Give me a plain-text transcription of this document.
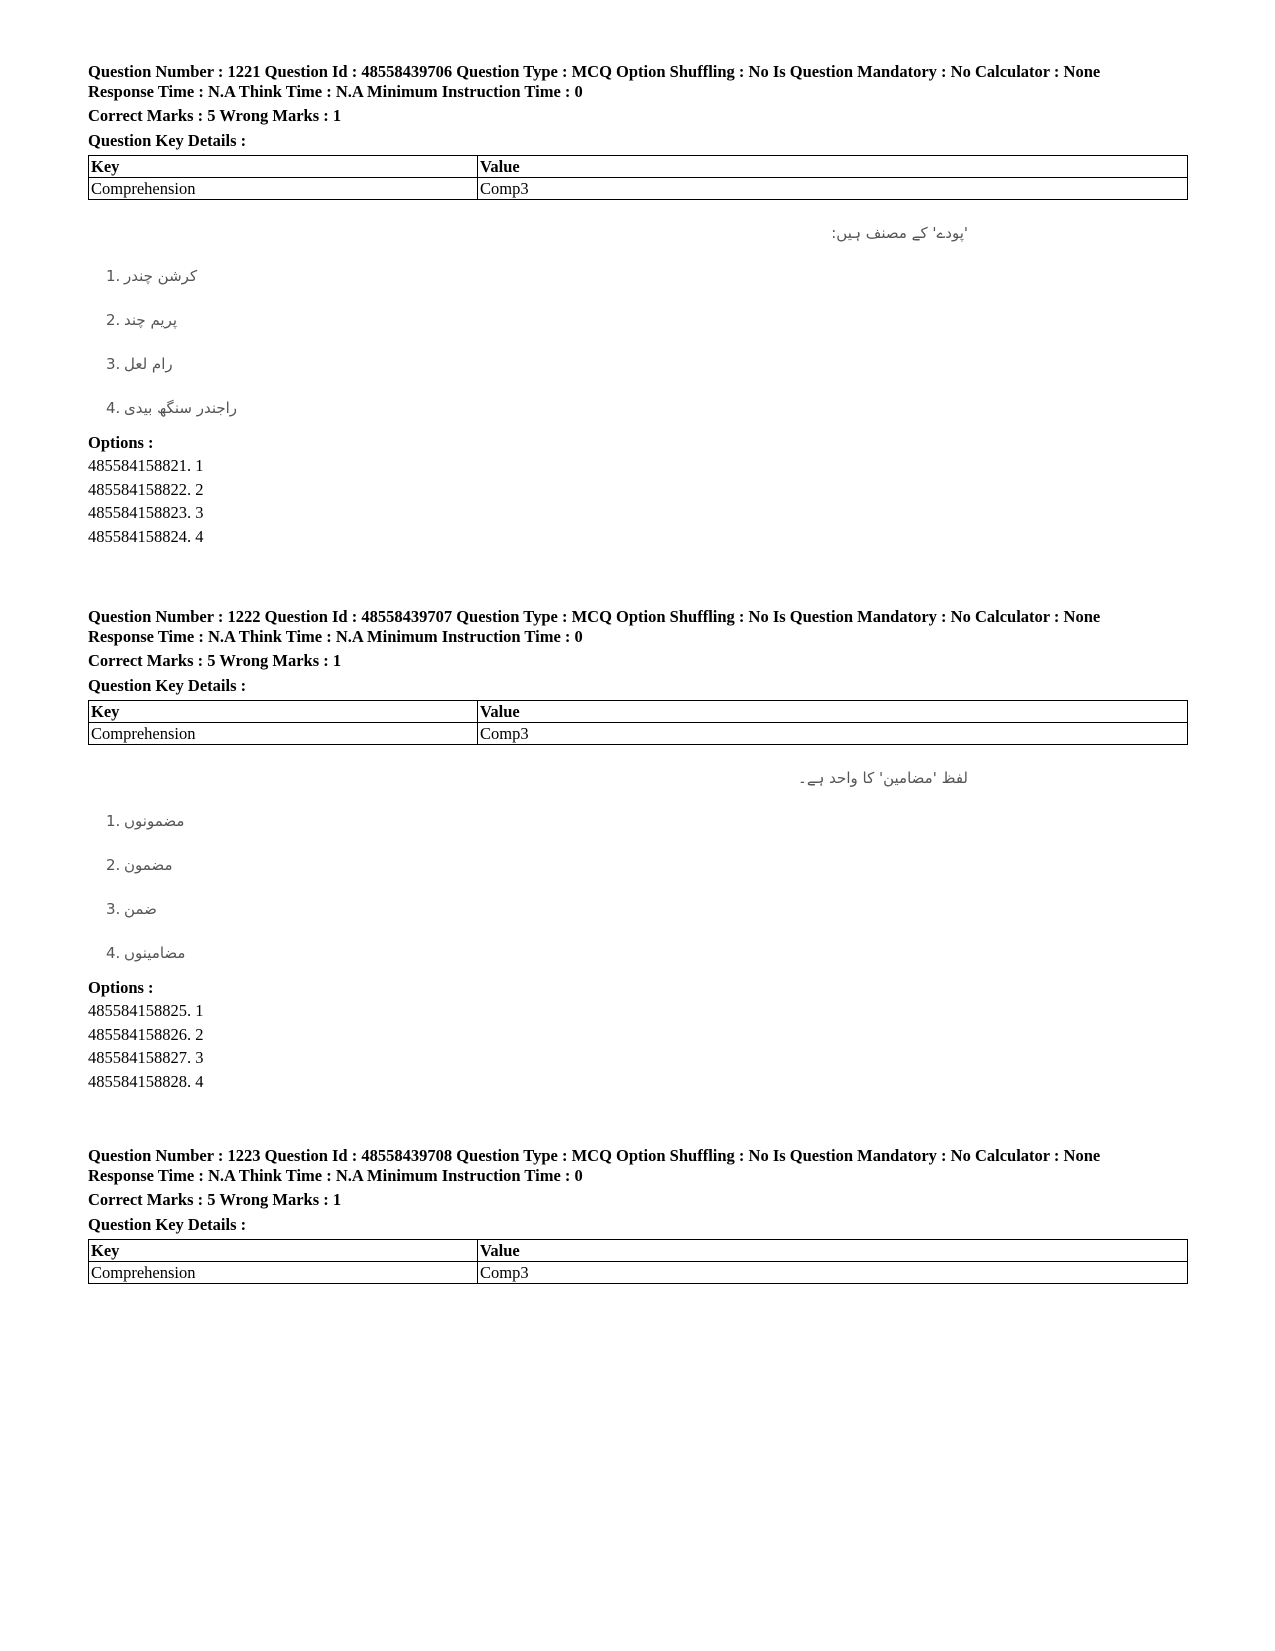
Question Number : 1221 Question Id : 48558439706 Question Type : MCQ Option Shuffling : No Is Question Mandatory : No Calculator : None
Response Time : N.A Think Time : N.A Minimum Instruction Time : 0
Correct Marks : 5 Wrong Marks : 1
Question Key Details :
Key	Value
Comprehension	Comp3
'پودے' کے مصنف ہیں:
1. کرشن چندر
2. پریم چند
3. رام لعل
4. راجندر سنگھ بیدی
Options :
485584158821. 1
485584158822. 2
485584158823. 3
485584158824. 4
Question Number : 1222 Question Id : 48558439707 Question Type : MCQ Option Shuffling : No Is Question Mandatory : No Calculator : None
Response Time : N.A Think Time : N.A Minimum Instruction Time : 0
Correct Marks : 5 Wrong Marks : 1
Question Key Details :
Key	Value
Comprehension	Comp3
لفظ 'مضامین' کا واحد ہے۔
1. مضمونوں
2. مضمون
3. ضمن
4. مضامینوں
Options :
485584158825. 1
485584158826. 2
485584158827. 3
485584158828. 4
Question Number : 1223 Question Id : 48558439708 Question Type : MCQ Option Shuffling : No Is Question Mandatory : No Calculator : None
Response Time : N.A Think Time : N.A Minimum Instruction Time : 0
Correct Marks : 5 Wrong Marks : 1
Question Key Details :
Key	Value
Comprehension	Comp3
